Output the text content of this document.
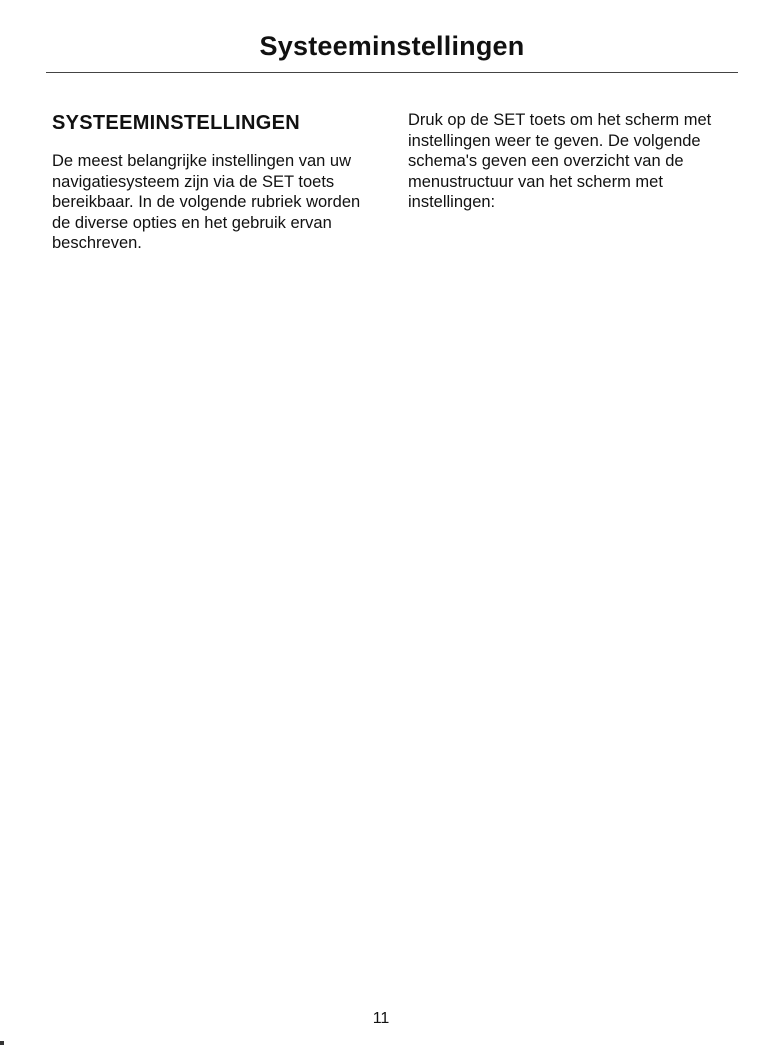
Systeeminstellingen
SYSTEEMINSTELLINGEN

De meest belangrijke instellingen van uw navigatiesysteem zijn via de SET toets bereikbaar. In de volgende rubriek worden de diverse opties en het gebruik ervan beschreven.

Druk op de SET toets om het scherm met instellingen weer te geven. De volgende schema's geven een overzicht van de menustructuur van het scherm met instellingen:

11
